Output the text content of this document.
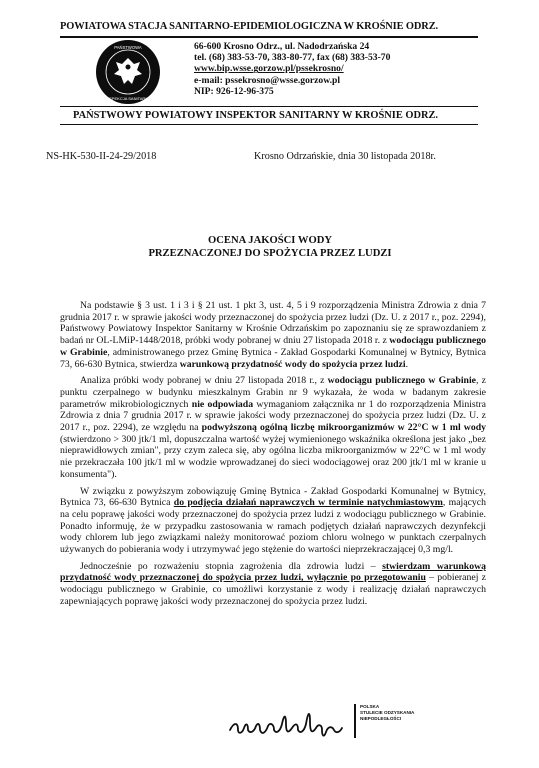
POWIATOWA STACJA SANITARNO-EPIDEMIOLOGICZNA W KROŚNIE ODRZ.
PAŃSTWOWA
INSPEKCJA SANITARNA
66-600 Krosno Odrz., ul. Nadodrzańska 24
tel. (68) 383-53-70, 383-80-77, fax (68) 383-53-70
www.bip.wsse.gorzow.pl/pssekrosno/
e-mail: pssekrosno@wsse.gorzow.pl
NIP: 926-12-96-375
PAŃSTWOWY POWIATOWY INSPEKTOR SANITARNY W KROŚNIE ODRZ.
NS-HK-530-II-24-29/2018	Krosno Odrzańskie, dnia 30 listopada 2018r.
OCENA JAKOŚCI WODY
PRZEZNACZONEJ DO SPOŻYCIA PRZEZ LUDZI

Na podstawie § 3 ust. 1 i 3 i § 21 ust. 1 pkt 3, ust. 4, 5 i 9 rozporządzenia Ministra Zdrowia z dnia 7 grudnia 2017 r. w sprawie jakości wody przeznaczonej do spożycia przez ludzi (Dz. U. z 2017 r., poz. 2294), Państwowy Powiatowy Inspektor Sanitarny w Krośnie Odrzańskim po zapoznaniu się ze sprawozdaniem z badań nr OL-LMiP-1448/2018, próbki wody pobranej w dniu 27 listopada 2018 r. z wodociągu publicznego w Grabinie, administrowanego przez Gminę Bytnica - Zakład Gospodarki Komunalnej w Bytnicy, Bytnica 73, 66-630 Bytnica, stwierdza warunkową przydatność wody do spożycia przez ludzi.

Analiza próbki wody pobranej w dniu 27 listopada 2018 r., z wodociągu publicznego w Grabinie, z punktu czerpalnego w budynku mieszkalnym Grabin nr 9 wykazała, że woda w badanym zakresie parametrów mikrobiologicznych nie odpowiada wymaganiom załącznika nr 1 do rozporządzenia Ministra Zdrowia z dnia 7 grudnia 2017 r. w sprawie jakości wody przeznaczonej do spożycia przez ludzi (Dz. U. z 2017 r., poz. 2294), ze względu na podwyższoną ogólną liczbę mikroorganizmów w 22°C w 1 ml wody (stwierdzono > 300 jtk/1 ml, dopuszczalna wartość wyżej wymienionego wskaźnika określona jest jako „bez nieprawidłowych zmian", przy czym zaleca się, aby ogólna liczba mikroorganizmów w 22°C w 1 ml wody nie przekraczała 100 jtk/1 ml w wodzie wprowadzanej do sieci wodociągowej oraz 200 jtk/1 ml w kranie u konsumenta").

W związku z powyższym zobowiązuję Gminę Bytnica - Zakład Gospodarki Komunalnej w Bytnicy, Bytnica 73, 66-630 Bytnica do podjęcia działań naprawczych w terminie natychmiastowym, mających na celu poprawę jakości wody przeznaczonej do spożycia przez ludzi z wodociągu publicznego w Grabinie. Ponadto informuję, że w przypadku zastosowania w ramach podjętych działań naprawczych dezynfekcji wody chlorem lub jego związkami należy monitorować poziom chloru wolnego w punktach czerpalnych używanych do pobierania wody i utrzymywać jego stężenie do wartości nieprzekraczającej 0,3 mg/l.

Jednocześnie po rozważeniu stopnia zagrożenia dla zdrowia ludzi – stwierdzam warunkową przydatność wody przeznaczonej do spożycia przez ludzi, wyłącznie po przegotowaniu – pobieranej z wodociągu publicznego w Grabinie, co umożliwi korzystanie z wody i realizację działań naprawczych zapewniających poprawę jakości wody przeznaczonej do spożycia przez ludzi.

POLSKA
STULECIE ODZYSKANIA
NIEPODLEGŁOŚCI
